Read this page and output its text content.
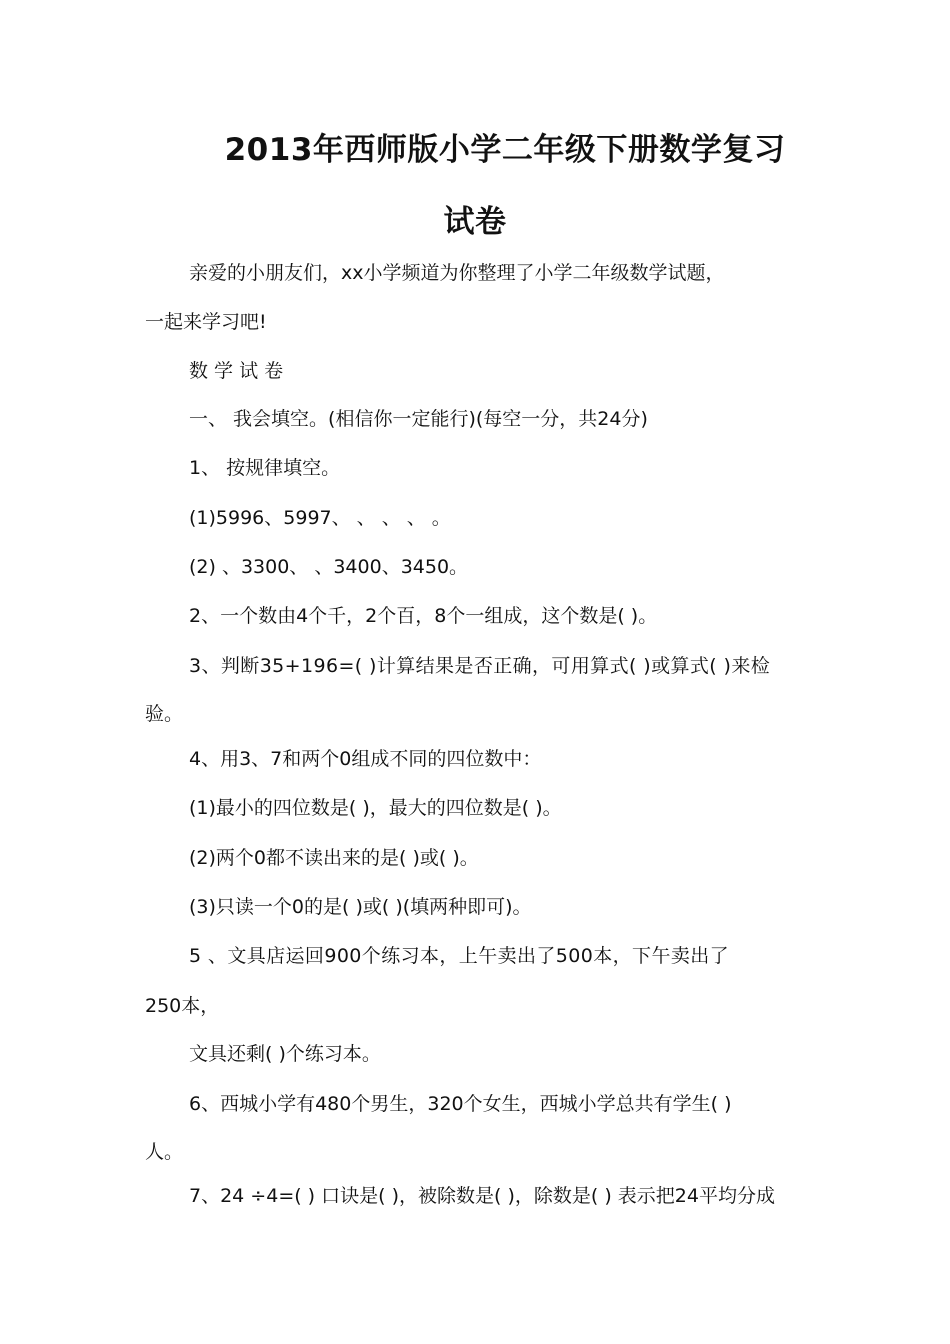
2013年西师版小学二年级下册数学复习
试卷
亲爱的小朋友们，xx小学频道为你整理了小学二年级数学试题，
一起来学习吧!
数 学 试 卷
一、 我会填空。(相信你一定能行)(每空一分，共24分)
1、 按规律填空。
(1)5996、5997、 、 、 、 。
(2) 、3300、 、3400、3450。
2、一个数由4个千，2个百，8个一组成，这个数是( )。
3、判断35+196=( )计算结果是否正确，可用算式( )或算式( )来检
验。
4、用3、7和两个0组成不同的四位数中：
(1)最小的四位数是( )，最大的四位数是( )。
(2)两个0都不读出来的是( )或( )。
(3)只读一个0的是( )或( )(填两种即可)。
5 、文具店运回900个练习本，上午卖出了500本，下午卖出了
250本，
文具还剩( )个练习本。
6、西城小学有480个男生，320个女生，西城小学总共有学生( )
人。
7、24 ÷4=( ) 口诀是( )，被除数是( )，除数是( ) 表示把24平均分成
